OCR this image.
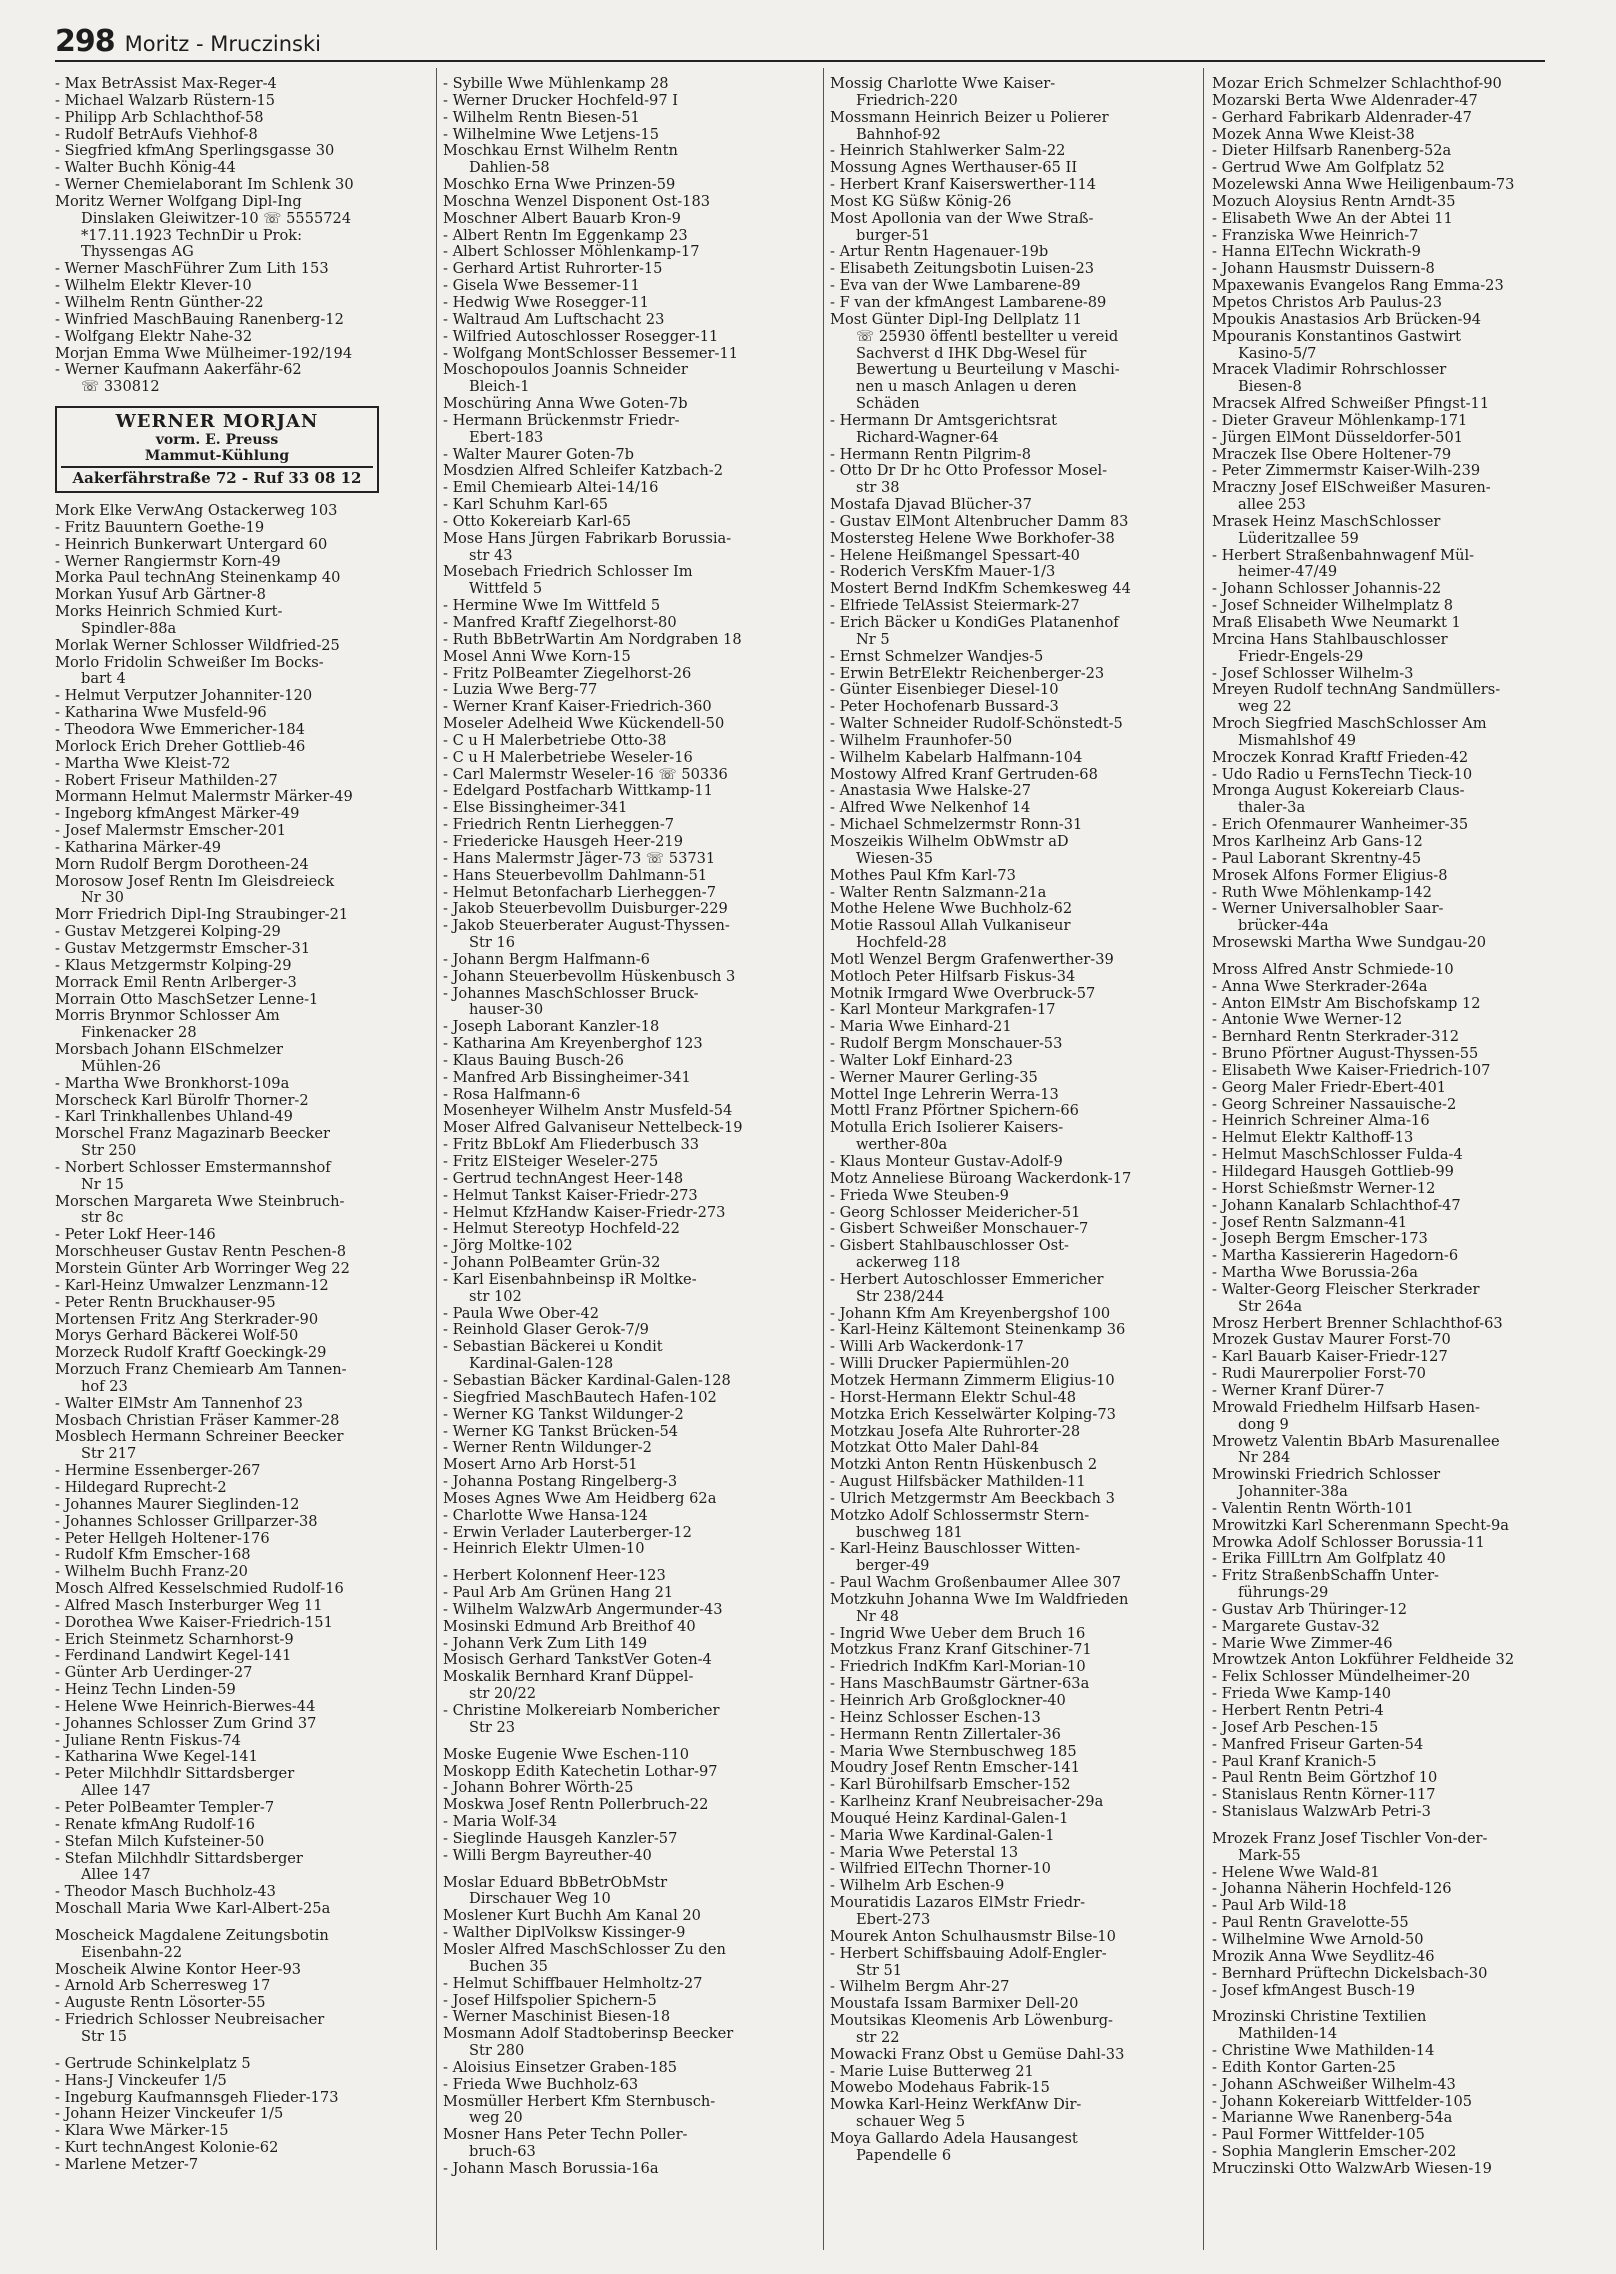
298 Moritz - Mruczinski
- Max BetrAssist Max-Reger-4
- Michael Walzarb Rüstern-15
- Philipp Arb Schlachthof-58
- Rudolf BetrAufs Viehhof-8
- Siegfried kfmAng Sperlingsgasse 30
- Walter Buchh König-44
- Werner Chemielaborant Im Schlenk 30
Moritz Werner Wolfgang Dipl-Ing
Dinslaken Gleiwitzer-10 ☏ 5555724
*17.11.1923 TechnDir u Prok:
Thyssengas AG
- Werner MaschFührer Zum Lith 153
- Wilhelm Elektr Klever-10
- Wilhelm Rentn Günther-22
- Winfried MaschBauing Ranenberg-12
- Wolfgang Elektr Nahe-32
Morjan Emma Wwe Mülheimer-192/194
- Werner Kaufmann Aakerfähr-62
☏ 330812
WERNER MORJAN
vorm. E. Preuss
Mammut-Kühlung
Aakerfährstraße 72 - Ruf 33 08 12
Mork Elke VerwAng Ostackerweg 103
- Fritz Bauuntern Goethe-19
- Heinrich Bunkerwart Untergard 60
- Werner Rangiermstr Korn-49
Morka Paul technAng Steinenkamp 40
Morkan Yusuf Arb Gärtner-8
Morks Heinrich Schmied Kurt-
Spindler-88a
Morlak Werner Schlosser Wildfried-25
Morlo Fridolin Schweißer Im Bocks-
bart 4
- Helmut Verputzer Johanniter-120
- Katharina Wwe Musfeld-96
- Theodora Wwe Emmericher-184
Morlock Erich Dreher Gottlieb-46
- Martha Wwe Kleist-72
- Robert Friseur Mathilden-27
Mormann Helmut Malermstr Märker-49
- Ingeborg kfmAngest Märker-49
- Josef Malermstr Emscher-201
- Katharina Märker-49
Morn Rudolf Bergm Dorotheen-24
Morosow Josef Rentn Im Gleisdreieck
Nr 30
Morr Friedrich Dipl-Ing Straubinger-21
- Gustav Metzgerei Kolping-29
- Gustav Metzgermstr Emscher-31
- Klaus Metzgermstr Kolping-29
Morrack Emil Rentn Arlberger-3
Morrain Otto MaschSetzer Lenne-1
Morris Brynmor Schlosser Am
Finkenacker 28
Morsbach Johann ElSchmelzer
Mühlen-26
- Martha Wwe Bronkhorst-109a
Morscheck Karl Bürolfr Thorner-2
- Karl Trinkhallenbes Uhland-49
Morschel Franz Magazinarb Beecker
Str 250
- Norbert Schlosser Emstermannshof
Nr 15
Morschen Margareta Wwe Steinbruch-
str 8c
- Peter Lokf Heer-146
Morschheuser Gustav Rentn Peschen-8
Morstein Günter Arb Worringer Weg 22
- Karl-Heinz Umwalzer Lenzmann-12
- Peter Rentn Bruckhauser-95
Mortensen Fritz Ang Sterkrader-90
Morys Gerhard Bäckerei Wolf-50
Morzeck Rudolf Kraftf Goeckingk-29
Morzuch Franz Chemiearb Am Tannen-
hof 23
- Walter ElMstr Am Tannenhof 23
Mosbach Christian Fräser Kammer-28
Mosblech Hermann Schreiner Beecker
Str 217
- Hermine Essenberger-267
- Hildegard Ruprecht-2
- Johannes Maurer Sieglinden-12
- Johannes Schlosser Grillparzer-38
- Peter Hellgeh Holtener-176
- Rudolf Kfm Emscher-168
- Wilhelm Buchh Franz-20
Mosch Alfred Kesselschmied Rudolf-16
- Alfred Masch Insterburger Weg 11
- Dorothea Wwe Kaiser-Friedrich-151
- Erich Steinmetz Scharnhorst-9
- Ferdinand Landwirt Kegel-141
- Günter Arb Uerdinger-27
- Heinz Techn Linden-59
- Helene Wwe Heinrich-Bierwes-44
- Johannes Schlosser Zum Grind 37
- Juliane Rentn Fiskus-74
- Katharina Wwe Kegel-141
- Peter Milchhdlr Sittardsberger
Allee 147
- Peter PolBeamter Templer-7
- Renate kfmAng Rudolf-16
- Stefan Milch Kufsteiner-50
- Stefan Milchhdlr Sittardsberger
Allee 147
- Theodor Masch Buchholz-43
Moschall Maria Wwe Karl-Albert-25a
Moscheick Magdalene Zeitungsbotin
Eisenbahn-22
Moscheik Alwine Kontor Heer-93
- Arnold Arb Scherresweg 17
- Auguste Rentn Lösorter-55
- Friedrich Schlosser Neubreisacher
Str 15
- Gertrude Schinkelplatz 5
- Hans-J Vinckeufer 1/5
- Ingeburg Kaufmannsgeh Flieder-173
- Johann Heizer Vinckeufer 1/5
- Klara Wwe Märker-15
- Kurt technAngest Kolonie-62
- Marlene Metzer-7
- Sybille Wwe Mühlenkamp 28
- Werner Drucker Hochfeld-97 I
- Wilhelm Rentn Biesen-51
- Wilhelmine Wwe Letjens-15
Moschkau Ernst Wilhelm Rentn
Dahlien-58
Moschko Erna Wwe Prinzen-59
Moschna Wenzel Disponent Ost-183
Moschner Albert Bauarb Kron-9
- Albert Rentn Im Eggenkamp 23
- Albert Schlosser Möhlenkamp-17
- Gerhard Artist Ruhrorter-15
- Gisela Wwe Bessemer-11
- Hedwig Wwe Rosegger-11
- Waltraud Am Luftschacht 23
- Wilfried Autoschlosser Rosegger-11
- Wolfgang MontSchlosser Bessemer-11
Moschopoulos Joannis Schneider
Bleich-1
Moschüring Anna Wwe Goten-7b
- Hermann Brückenmstr Friedr-
Ebert-183
- Walter Maurer Goten-7b
Mosdzien Alfred Schleifer Katzbach-2
- Emil Chemiearb Altei-14/16
- Karl Schuhm Karl-65
- Otto Kokereiarb Karl-65
Mose Hans Jürgen Fabrikarb Borussia-
str 43
Mosebach Friedrich Schlosser Im
Wittfeld 5
- Hermine Wwe Im Wittfeld 5
- Manfred Kraftf Ziegelhorst-80
- Ruth BbBetrWartin Am Nordgraben 18
Mosel Anni Wwe Korn-15
- Fritz PolBeamter Ziegelhorst-26
- Luzia Wwe Berg-77
- Werner Kranf Kaiser-Friedrich-360
Moseler Adelheid Wwe Kückendell-50
- C u H Malerbetriebe Otto-38
- C u H Malerbetriebe Weseler-16
- Carl Malermstr Weseler-16 ☏ 50336
- Edelgard Postfacharb Wittkamp-11
- Else Bissingheimer-341
- Friedrich Rentn Lierheggen-7
- Friedericke Hausgeh Heer-219
- Hans Malermstr Jäger-73 ☏ 53731
- Hans Steuerbevollm Dahlmann-51
- Helmut Betonfacharb Lierheggen-7
- Jakob Steuerbevollm Duisburger-229
- Jakob Steuerberater August-Thyssen-
Str 16
- Johann Bergm Halfmann-6
- Johann Steuerbevollm Hüskenbusch 3
- Johannes MaschSchlosser Bruck-
hauser-30
- Joseph Laborant Kanzler-18
- Katharina Am Kreyenberghof 123
- Klaus Bauing Busch-26
- Manfred Arb Bissingheimer-341
- Rosa Halfmann-6
Mosenheyer Wilhelm Anstr Musfeld-54
Moser Alfred Galvaniseur Nettelbeck-19
- Fritz BbLokf Am Fliederbusch 33
- Fritz ElSteiger Weseler-275
- Gertrud technAngest Heer-148
- Helmut Tankst Kaiser-Friedr-273
- Helmut KfzHandw Kaiser-Friedr-273
- Helmut Stereotyp Hochfeld-22
- Jörg Moltke-102
- Johann PolBeamter Grün-32
- Karl Eisenbahnbeinsp iR Moltke-
str 102
- Paula Wwe Ober-42
- Reinhold Glaser Gerok-7/9
- Sebastian Bäckerei u Kondit
Kardinal-Galen-128
- Sebastian Bäcker Kardinal-Galen-128
- Siegfried MaschBautech Hafen-102
- Werner KG Tankst Wildunger-2
- Werner KG Tankst Brücken-54
- Werner Rentn Wildunger-2
Mosert Arno Arb Horst-51
- Johanna Postang Ringelberg-3
Moses Agnes Wwe Am Heidberg 62a
- Charlotte Wwe Hansa-124
- Erwin Verlader Lauterberger-12
- Heinrich Elektr Ulmen-10
- Herbert Kolonnenf Heer-123
- Paul Arb Am Grünen Hang 21
- Wilhelm WalzwArb Angermunder-43
Mosinski Edmund Arb Breithof 40
- Johann Verk Zum Lith 149
Mosisch Gerhard TankstVer Goten-4
Moskalik Bernhard Kranf Düppel-
str 20/22
- Christine Molkereiarb Nombericher
Str 23
Moske Eugenie Wwe Eschen-110
Moskopp Edith Katechetin Lothar-97
- Johann Bohrer Wörth-25
Moskwa Josef Rentn Pollerbruch-22
- Maria Wolf-34
- Sieglinde Hausgeh Kanzler-57
- Willi Bergm Bayreuther-40
Moslar Eduard BbBetrObMstr
Dirschauer Weg 10
Moslener Kurt Buchh Am Kanal 20
- Walther DiplVolksw Kissinger-9
Mosler Alfred MaschSchlosser Zu den
Buchen 35
- Helmut Schiffbauer Helmholtz-27
- Josef Hilfspolier Spichern-5
- Werner Maschinist Biesen-18
Mosmann Adolf Stadtoberinsp Beecker
Str 280
- Aloisius Einsetzer Graben-185
- Frieda Wwe Buchholz-63
Mosmüller Herbert Kfm Sternbusch-
weg 20
Mosner Hans Peter Techn Poller-
bruch-63
- Johann Masch Borussia-16a
Mossig Charlotte Wwe Kaiser-
Friedrich-220
Mossmann Heinrich Beizer u Polierer
Bahnhof-92
- Heinrich Stahlwerker Salm-22
Mossung Agnes Werthauser-65 II
- Herbert Kranf Kaiserswerther-114
Most KG Süßw König-26
Most Apollonia van der Wwe Straß-
burger-51
- Artur Rentn Hagenauer-19b
- Elisabeth Zeitungsbotin Luisen-23
- Eva van der Wwe Lambarene-89
- F van der kfmAngest Lambarene-89
Most Günter Dipl-Ing Dellplatz 11
☏ 25930 öffentl bestellter u vereid
Sachverst d IHK Dbg-Wesel für
Bewertung u Beurteilung v Maschi-
nen u masch Anlagen u deren
Schäden
- Hermann Dr Amtsgerichtsrat
Richard-Wagner-64
- Hermann Rentn Pilgrim-8
- Otto Dr Dr hc Otto Professor Mosel-
str 38
Mostafa Djavad Blücher-37
- Gustav ElMont Altenbrucher Damm 83
Mostersteg Helene Wwe Borkhofer-38
- Helene Heißmangel Spessart-40
- Roderich VersKfm Mauer-1/3
Mostert Bernd IndKfm Schemkesweg 44
- Elfriede TelAssist Steiermark-27
- Erich Bäcker u KondiGes Platanenhof
Nr 5
- Ernst Schmelzer Wandjes-5
- Erwin BetrElektr Reichenberger-23
- Günter Eisenbieger Diesel-10
- Peter Hochofenarb Bussard-3
- Walter Schneider Rudolf-Schönstedt-5
- Wilhelm Fraunhofer-50
- Wilhelm Kabelarb Halfmann-104
Mostowy Alfred Kranf Gertruden-68
- Anastasia Wwe Halske-27
- Alfred Wwe Nelkenhof 14
- Michael Schmelzermstr Ronn-31
Moszeikis Wilhelm ObWmstr aD
Wiesen-35
Mothes Paul Kfm Karl-73
- Walter Rentn Salzmann-21a
Mothe Helene Wwe Buchholz-62
Motie Rassoul Allah Vulkaniseur
Hochfeld-28
Motl Wenzel Bergm Grafenwerther-39
Motloch Peter Hilfsarb Fiskus-34
Motnik Irmgard Wwe Overbruck-57
- Karl Monteur Markgrafen-17
- Maria Wwe Einhard-21
- Rudolf Bergm Monschauer-53
- Walter Lokf Einhard-23
- Werner Maurer Gerling-35
Mottel Inge Lehrerin Werra-13
Mottl Franz Pförtner Spichern-66
Motulla Erich Isolierer Kaisers-
werther-80a
- Klaus Monteur Gustav-Adolf-9
Motz Anneliese Büroang Wackerdonk-17
- Frieda Wwe Steuben-9
- Georg Schlosser Meidericher-51
- Gisbert Schweißer Monschauer-7
- Gisbert Stahlbauschlosser Ost-
ackerweg 118
- Herbert Autoschlosser Emmericher
Str 238/244
- Johann Kfm Am Kreyenbergshof 100
- Karl-Heinz Kältemont Steinenkamp 36
- Willi Arb Wackerdonk-17
- Willi Drucker Papiermühlen-20
Motzek Hermann Zimmerm Eligius-10
- Horst-Hermann Elektr Schul-48
Motzka Erich Kesselwärter Kolping-73
Motzkau Josefa Alte Ruhrorter-28
Motzkat Otto Maler Dahl-84
Motzki Anton Rentn Hüskenbusch 2
- August Hilfsbäcker Mathilden-11
- Ulrich Metzgermstr Am Beeckbach 3
Motzko Adolf Schlossermstr Stern-
buschweg 181
- Karl-Heinz Bauschlosser Witten-
berger-49
- Paul Wachm Großenbaumer Allee 307
Motzkuhn Johanna Wwe Im Waldfrieden
Nr 48
- Ingrid Wwe Ueber dem Bruch 16
Motzkus Franz Kranf Gitschiner-71
- Friedrich IndKfm Karl-Morian-10
- Hans MaschBaumstr Gärtner-63a
- Heinrich Arb Großglockner-40
- Heinz Schlosser Eschen-13
- Hermann Rentn Zillertaler-36
- Maria Wwe Sternbuschweg 185
Moudry Josef Rentn Emscher-141
- Karl Bürohilfsarb Emscher-152
- Karlheinz Kranf Neubreisacher-29a
Mouqué Heinz Kardinal-Galen-1
- Maria Wwe Kardinal-Galen-1
- Maria Wwe Peterstal 13
- Wilfried ElTechn Thorner-10
- Wilhelm Arb Eschen-9
Mouratidis Lazaros ElMstr Friedr-
Ebert-273
Mourek Anton Schulhausmstr Bilse-10
- Herbert Schiffsbauing Adolf-Engler-
Str 51
- Wilhelm Bergm Ahr-27
Moustafa Issam Barmixer Dell-20
Moutsikas Kleomenis Arb Löwenburg-
str 22
Mowacki Franz Obst u Gemüse Dahl-33
- Marie Luise Butterweg 21
Mowebo Modehaus Fabrik-15
Mowka Karl-Heinz WerkfAnw Dir-
schauer Weg 5
Moya Gallardo Adela Hausangest
Papendelle 6
Mozar Erich Schmelzer Schlachthof-90
Mozarski Berta Wwe Aldenrader-47
- Gerhard Fabrikarb Aldenrader-47
Mozek Anna Wwe Kleist-38
- Dieter Hilfsarb Ranenberg-52a
- Gertrud Wwe Am Golfplatz 52
Mozelewski Anna Wwe Heiligenbaum-73
Mozuch Aloysius Rentn Arndt-35
- Elisabeth Wwe An der Abtei 11
- Franziska Wwe Heinrich-7
- Hanna ElTechn Wickrath-9
- Johann Hausmstr Duissern-8
Mpaxewanis Evangelos Rang Emma-23
Mpetos Christos Arb Paulus-23
Mpoukis Anastasios Arb Brücken-94
Mpouranis Konstantinos Gastwirt
Kasino-5/7
Mracek Vladimir Rohrschlosser
Biesen-8
Mracsek Alfred Schweißer Pfingst-11
- Dieter Graveur Möhlenkamp-171
- Jürgen ElMont Düsseldorfer-501
Mraczek Ilse Obere Holtener-79
- Peter Zimmermstr Kaiser-Wilh-239
Mraczny Josef ElSchweißer Masuren-
allee 253
Mrasek Heinz MaschSchlosser
Lüderitzallee 59
- Herbert Straßenbahnwagenf Mül-
heimer-47/49
- Johann Schlosser Johannis-22
- Josef Schneider Wilhelmplatz 8
Mraß Elisabeth Wwe Neumarkt 1
Mrcina Hans Stahlbauschlosser
Friedr-Engels-29
- Josef Schlosser Wilhelm-3
Mreyen Rudolf technAng Sandmüllers-
weg 22
Mroch Siegfried MaschSchlosser Am
Mismahlshof 49
Mroczek Konrad Kraftf Frieden-42
- Udo Radio u FernsTechn Tieck-10
Mronga August Kokereiarb Claus-
thaler-3a
- Erich Ofenmaurer Wanheimer-35
Mros Karlheinz Arb Gans-12
- Paul Laborant Skrentny-45
Mrosek Alfons Former Eligius-8
- Ruth Wwe Möhlenkamp-142
- Werner Universalhobler Saar-
brücker-44a
Mrosewski Martha Wwe Sundgau-20
Mross Alfred Anstr Schmiede-10
- Anna Wwe Sterkrader-264a
- Anton ElMstr Am Bischofskamp 12
- Antonie Wwe Werner-12
- Bernhard Rentn Sterkrader-312
- Bruno Pförtner August-Thyssen-55
- Elisabeth Wwe Kaiser-Friedrich-107
- Georg Maler Friedr-Ebert-401
- Georg Schreiner Nassauische-2
- Heinrich Schreiner Alma-16
- Helmut Elektr Kalthoff-13
- Helmut MaschSchlosser Fulda-4
- Hildegard Hausgeh Gottlieb-99
- Horst Schießmstr Werner-12
- Johann Kanalarb Schlachthof-47
- Josef Rentn Salzmann-41
- Joseph Bergm Emscher-173
- Martha Kassiererin Hagedorn-6
- Martha Wwe Borussia-26a
- Walter-Georg Fleischer Sterkrader
Str 264a
Mrosz Herbert Brenner Schlachthof-63
Mrozek Gustav Maurer Forst-70
- Karl Bauarb Kaiser-Friedr-127
- Rudi Maurerpolier Forst-70
- Werner Kranf Dürer-7
Mrowald Friedhelm Hilfsarb Hasen-
dong 9
Mrowetz Valentin BbArb Masurenallee
Nr 284
Mrowinski Friedrich Schlosser
Johanniter-38a
- Valentin Rentn Wörth-101
Mrowitzki Karl Scherenmann Specht-9a
Mrowka Adolf Schlosser Borussia-11
- Erika FillLtrn Am Golfplatz 40
- Fritz StraßenbSchaffn Unter-
führungs-29
- Gustav Arb Thüringer-12
- Margarete Gustav-32
- Marie Wwe Zimmer-46
Mrowtzek Anton Lokführer Feldheide 32
- Felix Schlosser Mündelheimer-20
- Frieda Wwe Kamp-140
- Herbert Rentn Petri-4
- Josef Arb Peschen-15
- Manfred Friseur Garten-54
- Paul Kranf Kranich-5
- Paul Rentn Beim Görtzhof 10
- Stanislaus Rentn Körner-117
- Stanislaus WalzwArb Petri-3
Mrozek Franz Josef Tischler Von-der-
Mark-55
- Helene Wwe Wald-81
- Johanna Näherin Hochfeld-126
- Paul Arb Wild-18
- Paul Rentn Gravelotte-55
- Wilhelmine Wwe Arnold-50
Mrozik Anna Wwe Seydlitz-46
- Bernhard Prüftechn Dickelsbach-30
- Josef kfmAngest Busch-19
Mrozinski Christine Textilien
Mathilden-14
- Christine Wwe Mathilden-14
- Edith Kontor Garten-25
- Johann ASchweißer Wilhelm-43
- Johann Kokereiarb Wittfelder-105
- Marianne Wwe Ranenberg-54a
- Paul Former Wittfelder-105
- Sophia Manglerin Emscher-202
Mruczinski Otto WalzwArb Wiesen-19
